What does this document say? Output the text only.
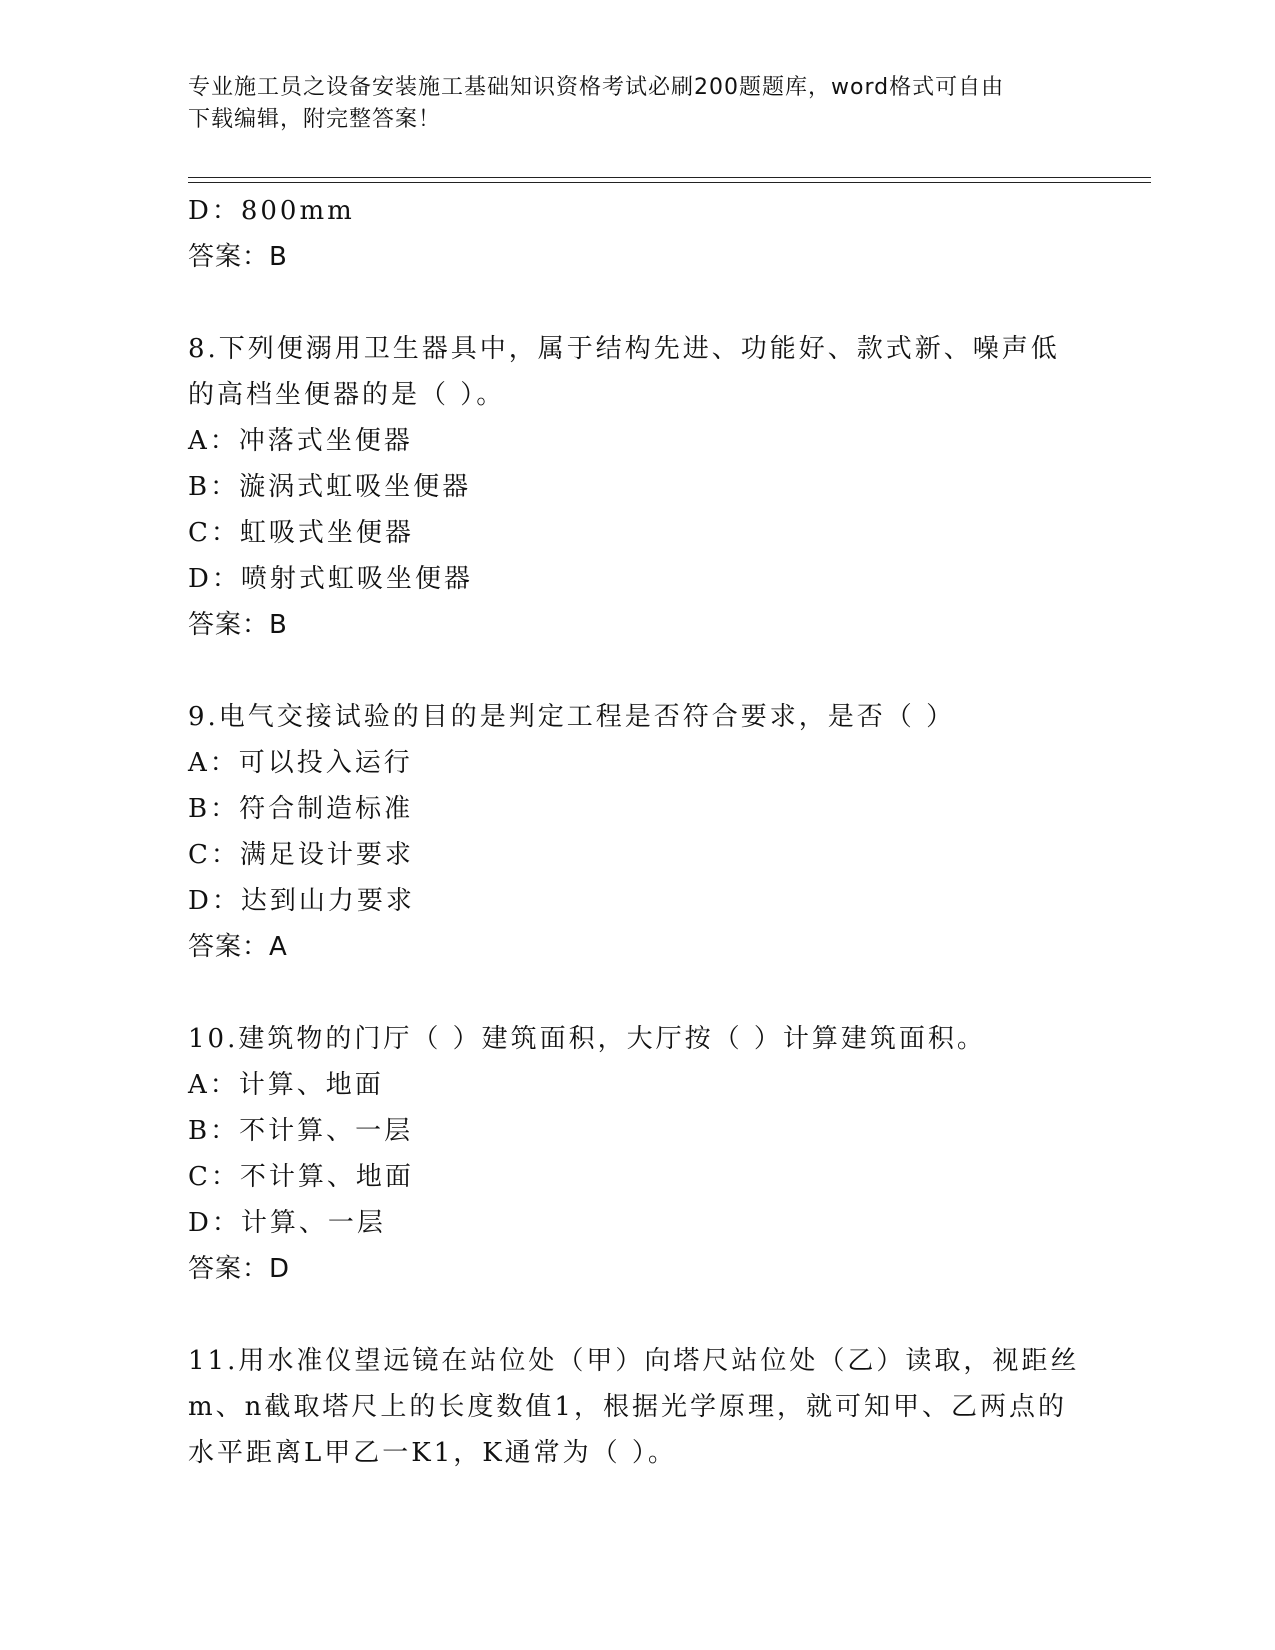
专业施工员之设备安装施工基础知识资格考试必刷200题题库，word格式可自由
下载编辑，附完整答案！
D：800mm
答案：B
8.下列便溺用卫生器具中，属于结构先进、功能好、款式新、噪声低
的高档坐便器的是（ ）。
A：冲落式坐便器
B：漩涡式虹吸坐便器
C：虹吸式坐便器
D：喷射式虹吸坐便器
答案：B
9.电气交接试验的目的是判定工程是否符合要求，是否（ ）
A：可以投入运行
B：符合制造标准
C：满足设计要求
D：达到山力要求
答案：A
10.建筑物的门厅（ ）建筑面积，大厅按（ ）计算建筑面积。
A：计算、地面
B：不计算、一层
C：不计算、地面
D：计算、一层
答案：D
11.用水准仪望远镜在站位处（甲）向塔尺站位处（乙）读取，视距丝
m、n截取塔尺上的长度数值1，根据光学原理，就可知甲、乙两点的
水平距离L甲乙一K1，K通常为（ ）。
